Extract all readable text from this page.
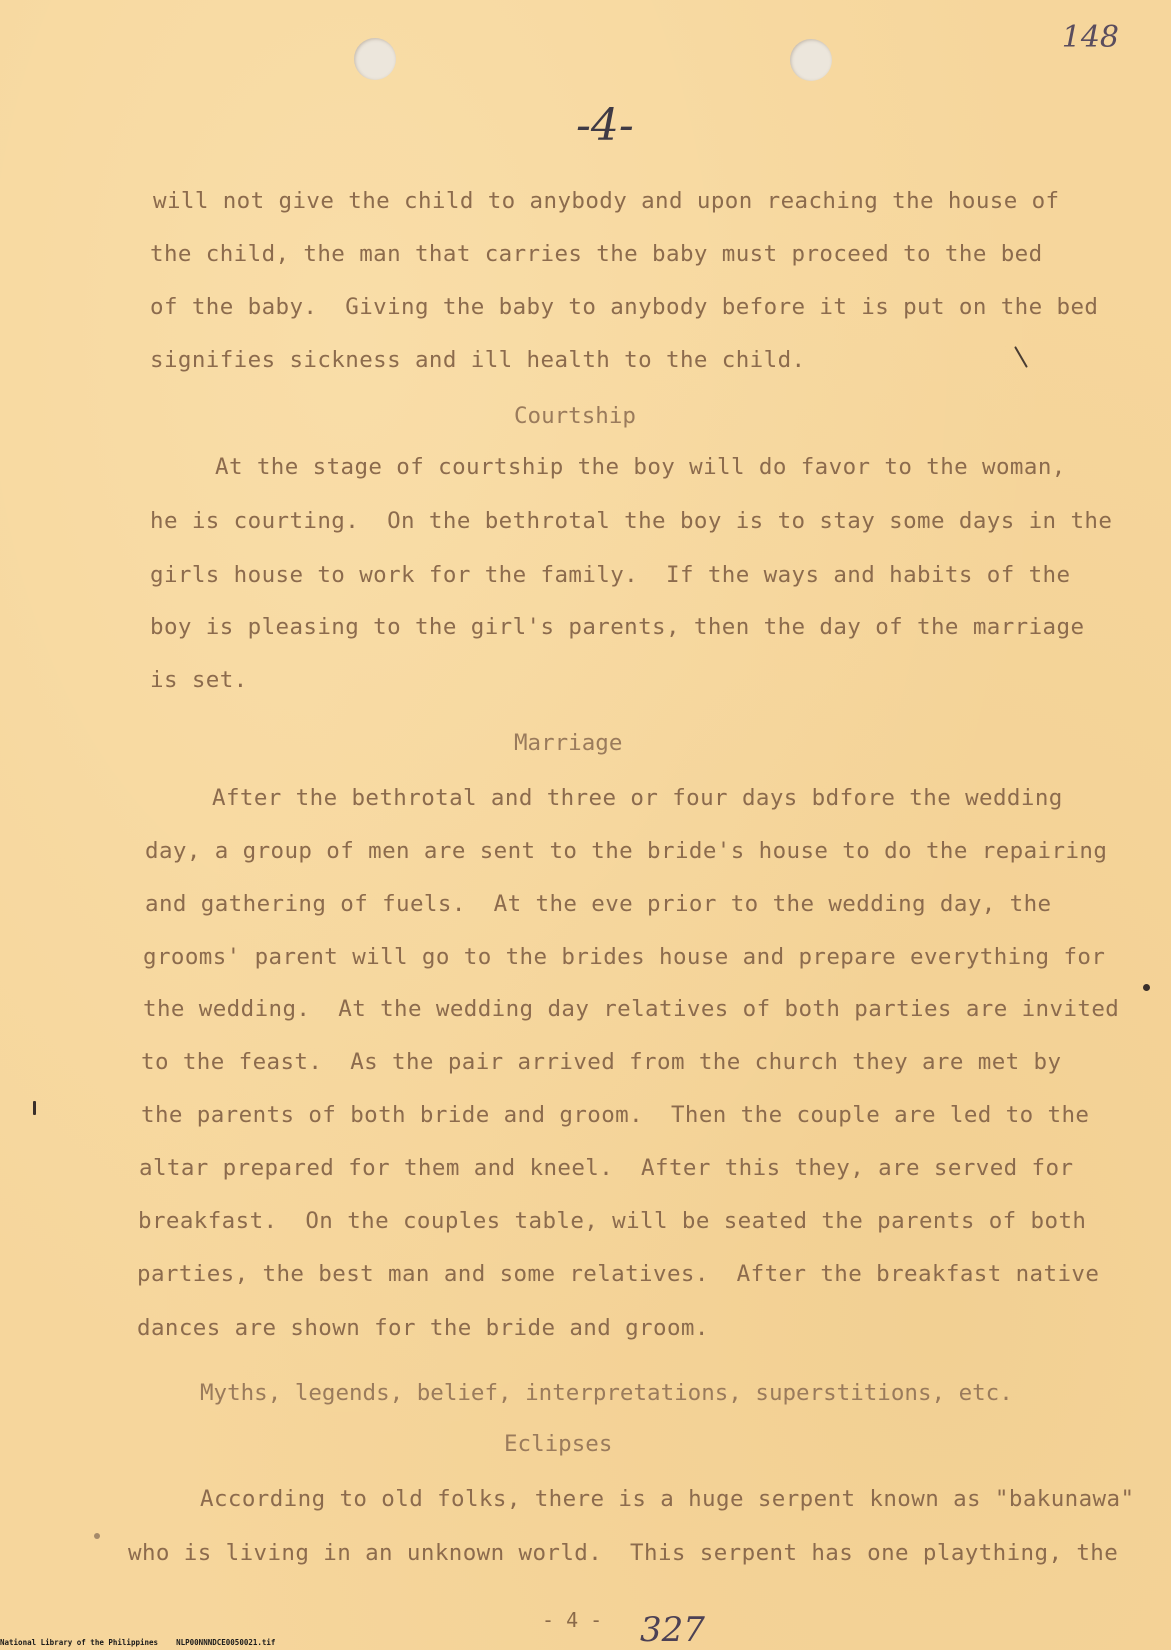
148
-4-
will not give the child to anybody and upon reaching the house of
the child, the man that carries the baby must proceed to the bed
of the baby.  Giving the baby to anybody before it is put on the bed
signifies sickness and ill health to the child.
Courtship
At the stage of courtship the boy will do favor to the woman,
he is courting.  On the bethrotal the boy is to stay some days in the
girls house to work for the family.  If the ways and habits of the
boy is pleasing to the girl's parents, then the day of the marriage
is set.
Marriage
After the bethrotal and three or four days bdfore the wedding
day, a group of men are sent to the bride's house to do the repairing
and gathering of fuels.  At the eve prior to the wedding day, the
grooms' parent will go to the brides house and prepare everything for
the wedding.  At the wedding day relatives of both parties are invited
to the feast.  As the pair arrived from the church they are met by
the parents of both bride and groom.  Then the couple are led to the
altar prepared for them and kneel.  After this they, are served for
breakfast.  On the couples table, will be seated the parents of both
parties, the best man and some relatives.  After the breakfast native
dances are shown for the bride and groom.
Myths, legends, belief, interpretations, superstitions, etc.
Eclipses
According to old folks, there is a huge serpent known as "bakunawa"
who is living in an unknown world.  This serpent has one plaything, the
- 4 - 327
National Library of the Philippines    NLP00NNNDCE0050021.tif
